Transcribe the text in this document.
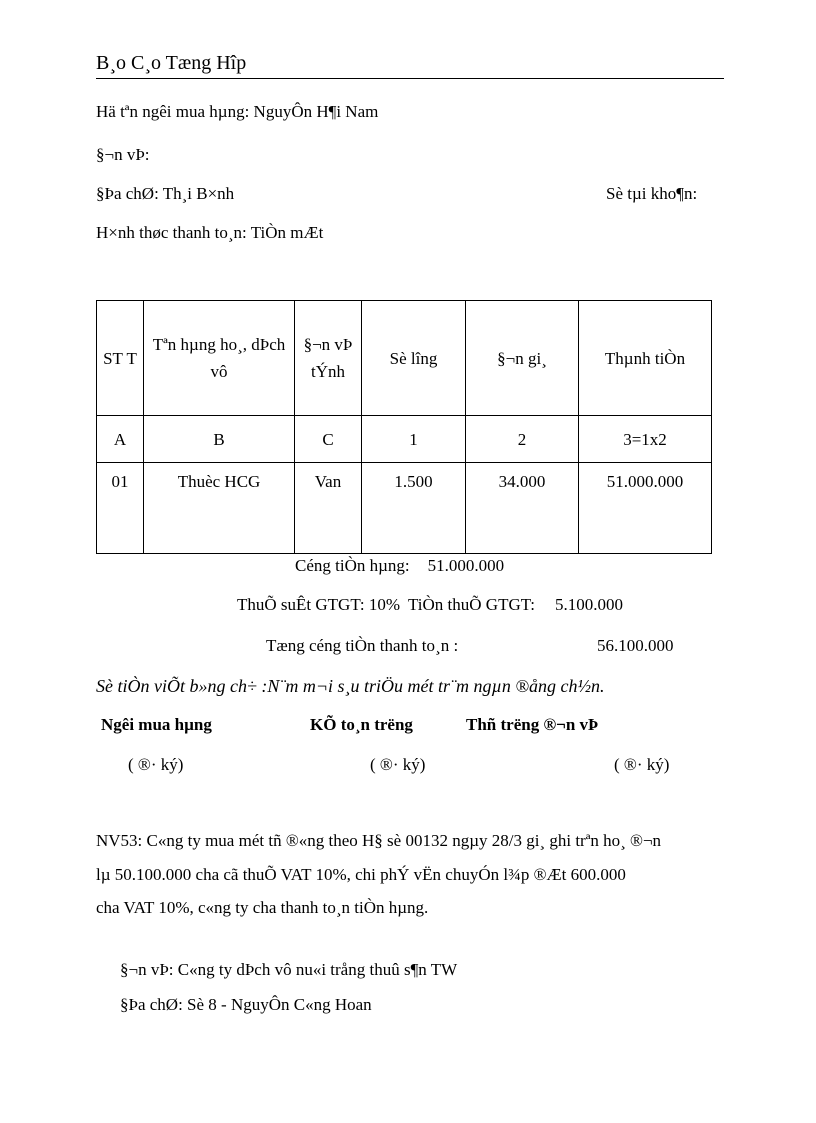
B¸o C¸o Tæng Hîp
Hä tªn ngêi mua hµng: NguyÔn H¶i Nam
§¬n vÞ:
§Þa chØ: Th¸i B×nh	Sè tµi kho¶n:
H×nh thøc thanh to¸n: TiÒn mÆt
ST T	Tªn hµng ho¸, dÞch vô	§¬n vÞ tÝnh	Sè lîng	§¬n gi¸	Thµnh tiÒn
A	B	C	1	2	3=1x2
01	Thuèc HCG	Van	1.500	34.000	51.000.000
Céng tiÒn hµng: 51.000.000
ThuÕ suÊt GTGT: 10% TiÒn thuÕ GTGT: 5.100.000
Tæng céng tiÒn thanh to¸n :	56.100.000
Sè tiÒn viÕt b»ng ch÷ :N¨m m¬i s¸u triÖu mét tr¨m ngµn ®ång ch½n.
Ngêi mua hµng	KÕ to¸n trëng	Thñ trëng ®¬n vÞ
( ®· ký)	( ®· ký)	( ®· ký)
NV53: C«ng ty mua mét tñ ®«ng theo H§ sè 00132 ngµy 28/3 gi¸ ghi trªn ho¸ ®¬n
lµ 50.100.000 cha cã thuÕ VAT 10%, chi phÝ vËn chuyÓn l¾p ®Æt 600.000
cha VAT 10%, c«ng ty cha thanh to¸n tiÒn hµng.
§¬n vÞ: C«ng ty dÞch vô nu«i trång thuû s¶n TW
§Þa chØ: Sè 8 - NguyÔn C«ng Hoan
